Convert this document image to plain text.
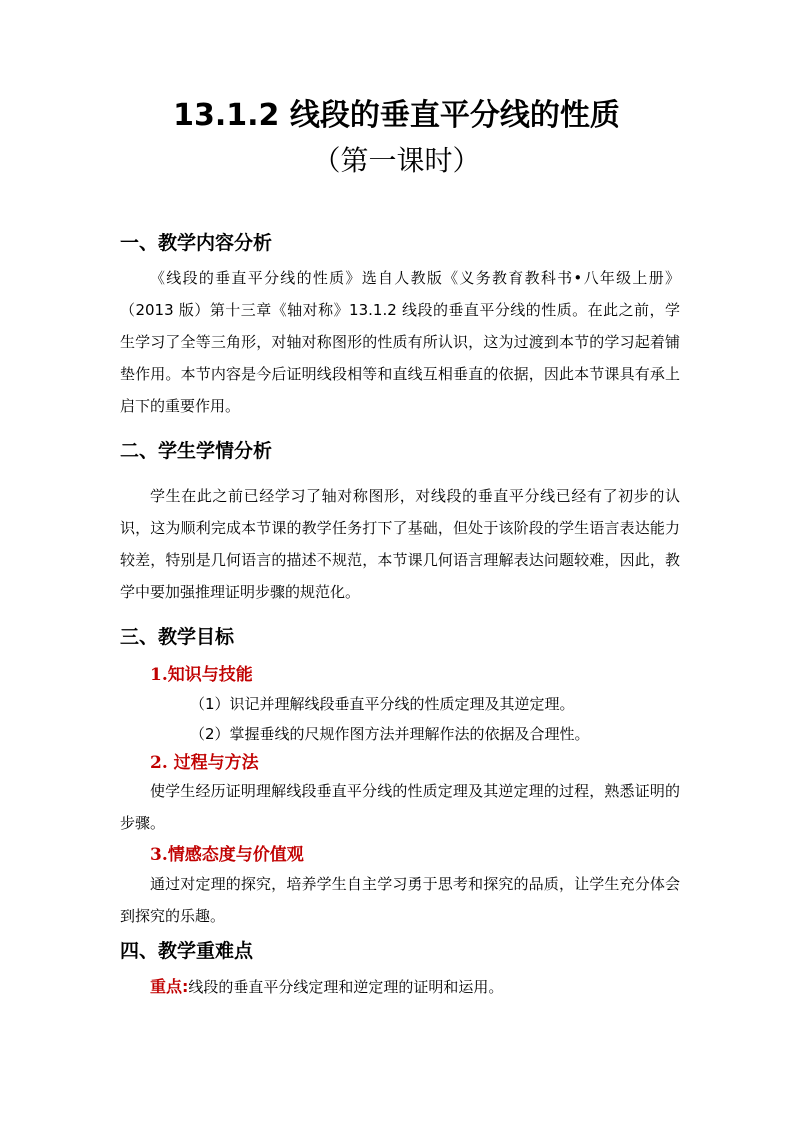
13.1.2 线段的垂直平分线的性质
（第一课时）
一、教学内容分析

《线段的垂直平分线的性质》选自人教版《义务教育教科书•八年级上册》（2013 版）第十三章《轴对称》13.1.2 线段的垂直平分线的性质。在此之前，学生学习了全等三角形，对轴对称图形的性质有所认识，这为过渡到本节的学习起着铺垫作用。本节内容是今后证明线段相等和直线互相垂直的依据，因此本节课具有承上启下的重要作用。

二、学生学情分析

学生在此之前已经学习了轴对称图形，对线段的垂直平分线已经有了初步的认识，这为顺利完成本节课的教学任务打下了基础，但处于该阶段的学生语言表达能力较差，特别是几何语言的描述不规范，本节课几何语言理解表达问题较难，因此，教学中要加强推理证明步骤的规范化。

三、教学目标
1.知识与技能
（1）识记并理解线段垂直平分线的性质定理及其逆定理。
（2）掌握垂线的尺规作图方法并理解作法的依据及合理性。
2. 过程与方法

使学生经历证明理解线段垂直平分线的性质定理及其逆定理的过程，熟悉证明的步骤。

3.情感态度与价值观

通过对定理的探究，培养学生自主学习勇于思考和探究的品质，让学生充分体会到探究的乐趣。

四、教学重难点
重点:线段的垂直平分线定理和逆定理的证明和运用。
